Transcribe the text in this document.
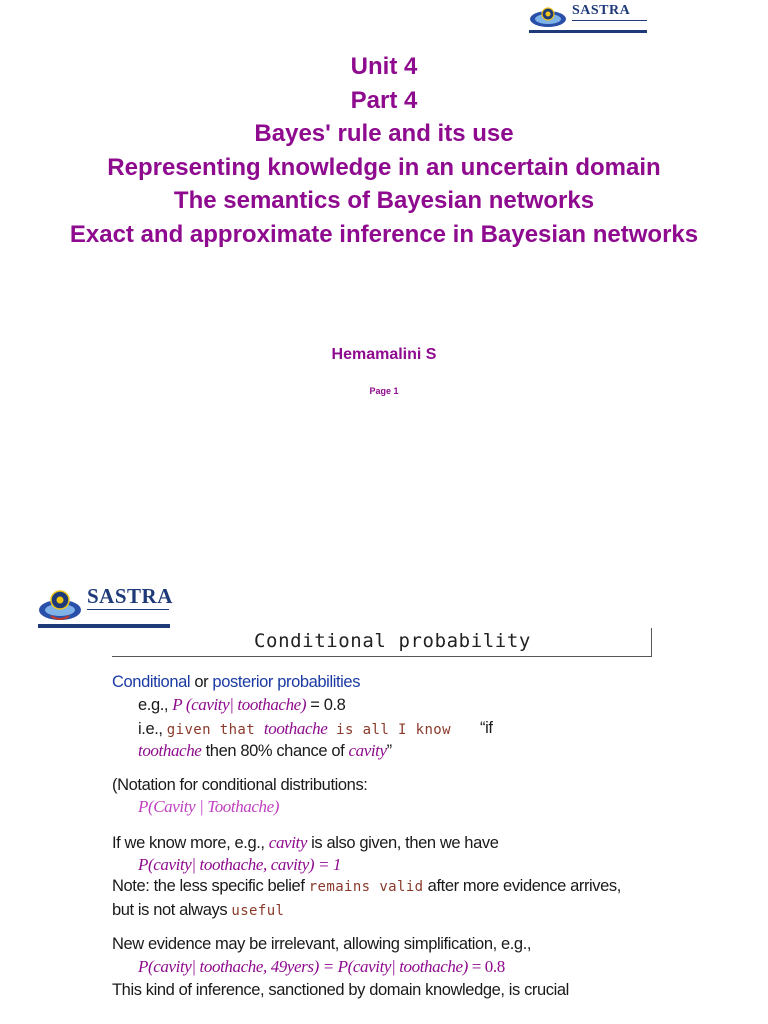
SASTRA
Unit 4
Part 4
Bayes' rule and its use
Representing knowledge in an uncertain domain
The semantics of Bayesian networks
Exact and approximate inference in Bayesian networks
Hemamalini S
Page 1
SASTRA
Conditional probability
Conditional or posterior probabilities
e.g., P (cavity| toothache) = 0.8
i.e., given that toothache is all I know “if
toothache then 80% chance of cavity”
(Notation for conditional distributions:
P(Cavity | Toothache)
If we know more, e.g., cavity is also given, then we have
P(cavity| toothache, cavity) = 1
Note: the less specific belief remains valid after more evidence arrives,
but is not always useful
New evidence may be irrelevant, allowing simplification, e.g.,
P(cavity| toothache, 49yers) = P(cavity| toothache) = 0.8
This kind of inference, sanctioned by domain knowledge, is crucial
